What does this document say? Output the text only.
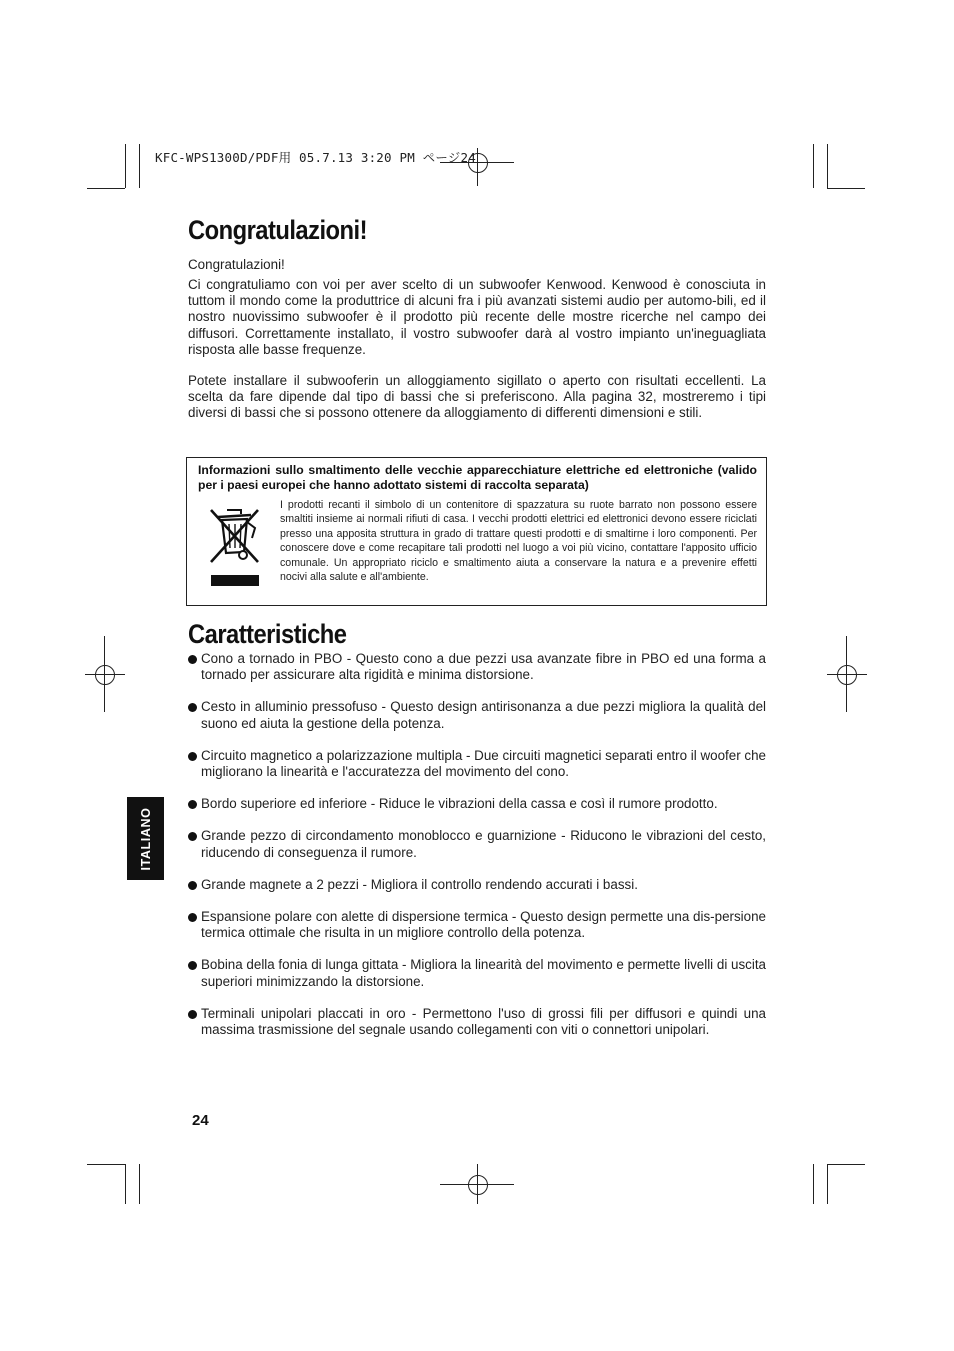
KFC-WPS1300D/PDF用 05.7.13 3:20 PM ページ24
Congratulazioni!

Congratulazioni!

Ci congratuliamo con voi per aver scelto di un subwoofer Kenwood. Kenwood è conosciuta in tuttom il mondo come la produttrice di alcuni fra i più avanzati sistemi audio per automo-bili, ed il nostro nuovissimo subwoofer è il prodotto più recente delle mostre ricerche nel campo dei diffusori. Correttamente installato, il vostro subwoofer darà al vostro impianto un'ineguagliata risposta alle basse frequenze.

Potete installare il subwooferin un alloggiamento sigillato o aperto con risultati eccellenti. La scelta da fare dipende dal tipo di bassi che si preferiscono. Alla pagina 32, mostreremo i tipi diversi di bassi che si possono ottenere da alloggiamento di differenti dimensioni e stili.

Informazioni sullo smaltimento delle vecchie apparecchiature elettriche ed elettroniche (valido per i paesi europei che hanno adottato sistemi di raccolta separata)

I prodotti recanti il simbolo di un contenitore di spazzatura su ruote barrato non possono essere smaltiti insieme ai normali rifiuti di casa. I vecchi prodotti elettrici ed elettronici devono essere riciclati presso una apposita struttura in grado di trattare questi prodotti e di smaltirne i loro componenti. Per conoscere dove e come recapitare tali prodotti nel luogo a voi più vicino, contattare l'apposito ufficio comunale. Un appropriato riciclo e smaltimento aiuta a conservare la natura e a prevenire effetti nocivi alla salute e all'ambiente.

Caratteristiche
Cono a tornado in PBO - Questo cono a due pezzi usa avanzate fibre in PBO ed una forma a tornado per assicurare alta rigidità e minima distorsione.
Cesto in alluminio pressofuso - Questo design antirisonanza a due pezzi migliora la qualità del suono ed aiuta la gestione della potenza.
Circuito magnetico a polarizzazione multipla - Due circuiti magnetici separati entro il woofer che migliorano la linearità e l'accuratezza del movimento del cono.
Bordo superiore ed inferiore - Riduce le vibrazioni della cassa e così il rumore prodotto.
Grande pezzo di circondamento monoblocco e guarnizione - Riducono le vibrazioni del cesto, riducendo di conseguenza il rumore.
Grande magnete a 2 pezzi - Migliora il controllo rendendo accurati i bassi.
Espansione polare con alette di dispersione termica - Questo design permette una dis-persione termica ottimale che risulta in un migliore controllo della potenza.
Bobina della fonia di lunga gittata - Migliora la linearità del movimento e permette livelli di uscita superiori minimizzando la distorsione.
Terminali unipolari placcati in oro - Permettono l'uso di grossi fili per diffusori e quindi una massima trasmissione del segnale usando collegamenti con viti o connettori unipolari.
ITALIANO
24
